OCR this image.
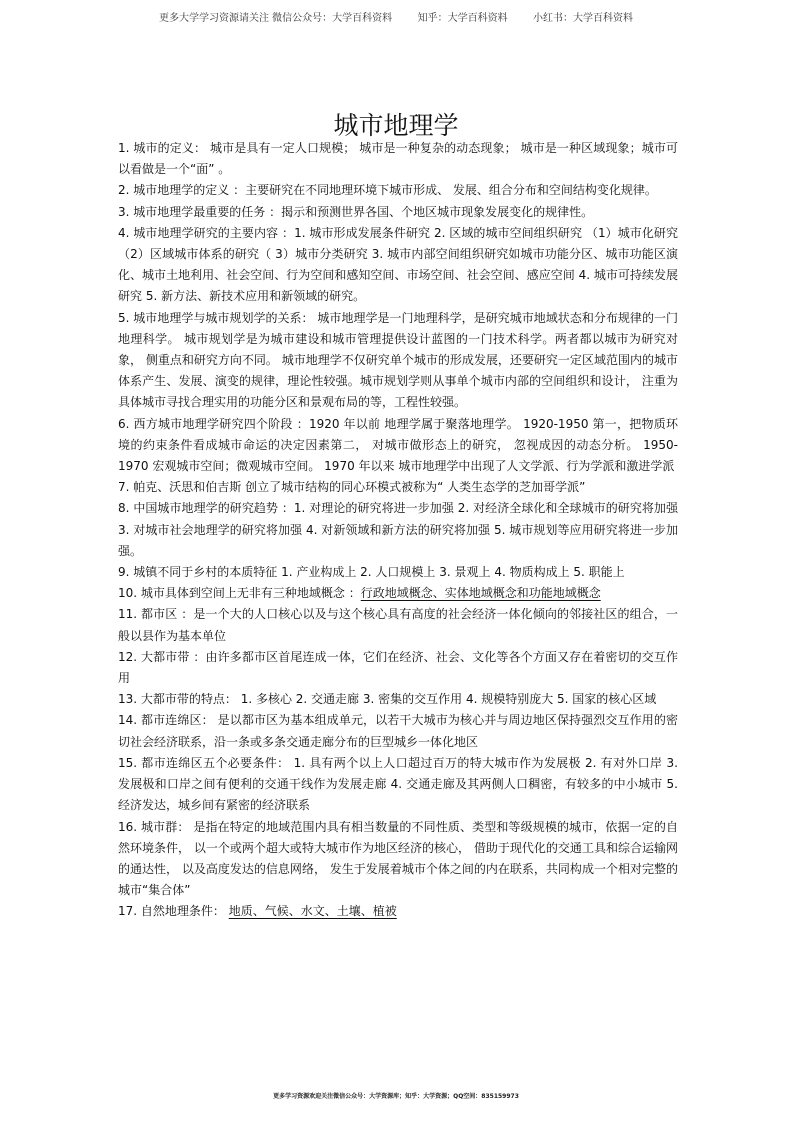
更多大学学习资源请关注 微信公众号：大学百科资料        知乎：大学百科资料        小红书：大学百科资料
城市地理学

1. 城市的定义： 城市是具有一定人口规模； 城市是一种复杂的动态现象； 城市是一种区域现象；城市可以看做是一个“面” 。

2. 城市地理学的定义 ：主要研究在不同地理环境下城市形成、 发展、组合分布和空间结构变化规律。

3. 城市地理学最重要的任务 ：揭示和预测世界各国、个地区城市现象发展变化的规律性。

4. 城市地理学研究的主要内容 ：1. 城市形成发展条件研究 2. 区域的城市空间组织研究 （1）城市化研究（2）区域城市体系的研究（ 3）城市分类研究 3. 城市内部空间组织研究如城市功能分区、城市功能区演化、城市土地利用、社会空间、行为空间和感知空间、市场空间、社会空间、感应空间 4. 城市可持续发展研究 5. 新方法、新技术应用和新领域的研究。

5. 城市地理学与城市规划学的关系： 城市地理学是一门地理科学，是研究城市地域状态和分布规律的一门地理科学。 城市规划学是为城市建设和城市管理提供设计蓝图的一门技术科学。两者都以城市为研究对象， 侧重点和研究方向不同。 城市地理学不仅研究单个城市的形成发展，还要研究一定区域范围内的城市体系产生、发展、演变的规律，理论性较强。城市规划学则从事单个城市内部的空间组织和设计， 注重为具体城市寻找合理实用的功能分区和景观布局的等，工程性较强。

6. 西方城市地理学研究四个阶段 ：1920 年以前 地理学属于聚落地理学。 1920-1950 第一，把物质环境的约束条件看成城市命运的决定因素第二， 对城市做形态上的研究， 忽视成因的动态分析。 1950-1970 宏观城市空间；微观城市空间。 1970 年以来 城市地理学中出现了人文学派、行为学派和激进学派

7. 帕克、沃思和伯吉斯 创立了城市结构的同心环模式被称为“ 人类生态学的芝加哥学派”

8. 中国城市地理学的研究趋势 ：1. 对理论的研究将进一步加强 2. 对经济全球化和全球城市的研究将加强 3. 对城市社会地理学的研究将加强 4. 对新领域和新方法的研究将加强 5. 城市规划等应用研究将进一步加强。

9. 城镇不同于乡村的本质特征 1. 产业构成上 2. 人口规模上 3. 景观上 4. 物质构成上 5. 职能上

10. 城市具体到空间上无非有三种地域概念 ：行政地域概念、实体地域概念和功能地域概念

11. 都市区 ：是一个大的人口核心以及与这个核心具有高度的社会经济一体化倾向的邻接社区的组合，一般以县作为基本单位

12. 大都市带 ：由许多都市区首尾连成一体，它们在经济、社会、文化等各个方面又存在着密切的交互作用

13. 大都市带的特点： 1. 多核心 2. 交通走廊 3. 密集的交互作用 4. 规模特别庞大 5. 国家的核心区域

14. 都市连绵区： 是以都市区为基本组成单元，以若干大城市为核心并与周边地区保持强烈交互作用的密切社会经济联系，沿一条或多条交通走廊分布的巨型城乡一体化地区

15. 都市连绵区五个必要条件： 1. 具有两个以上人口超过百万的特大城市作为发展极 2. 有对外口岸 3. 发展极和口岸之间有便利的交通干线作为发展走廊 4. 交通走廊及其两侧人口稠密，有较多的中小城市 5. 经济发达，城乡间有紧密的经济联系

16. 城市群： 是指在特定的地域范围内具有相当数量的不同性质、类型和等级规模的城市，依据一定的自然环境条件， 以一个或两个超大或特大城市作为地区经济的核心， 借助于现代化的交通工具和综合运输网的通达性， 以及高度发达的信息网络， 发生于发展着城市个体之间的内在联系，共同构成一个相对完整的城市“集合体”

17. 自然地理条件： 地质、气候、水文、土壤、植被

更多学习资源欢迎关注微信公众号：大学资源库；知乎：大学资源；QQ空间：835159973
